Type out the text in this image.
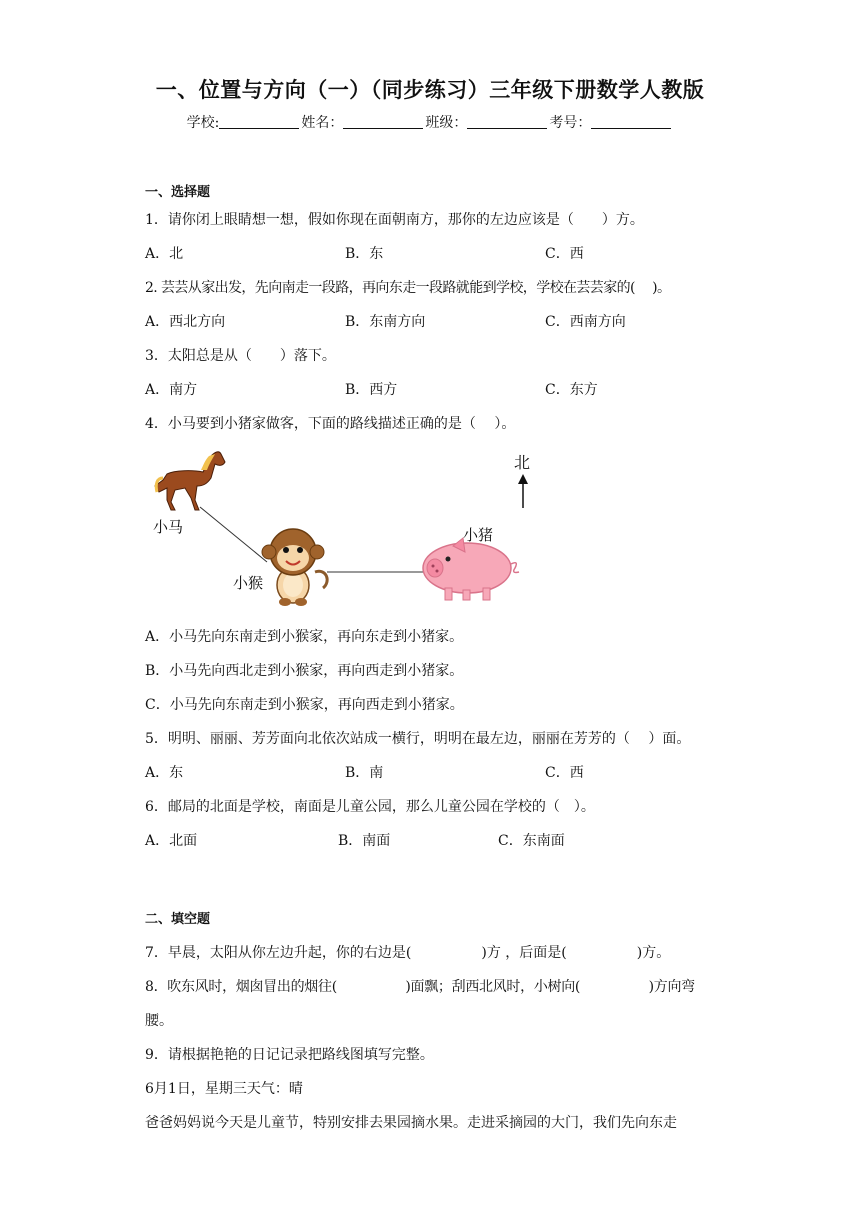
一、位置与方向（一）（同步练习）三年级下册数学人教版
学校:	姓名：	班级：	考号：
一、选择题
1．请你闭上眼睛想一想，假如你现在面朝南方，那你的左边应该是（　　）方。
A．北	B．东	C．西
2. 芸芸从家出发，先向南走一段路，再向东走一段路就能到学校，学校在芸芸家的(　 )。
A．西北方向	B．东南方向	C．西南方向
3．太阳总是从（　　）落下。
A．南方	B．西方	C．东方
4．小马要到小猪家做客，下面的路线描述正确的是（　 ）。
北
小马
小猴
小猪
A．小马先向东南走到小猴家，再向东走到小猪家。
B．小马先向西北走到小猴家，再向西走到小猪家。
C．小马先向东南走到小猴家，再向西走到小猪家。
5．明明、丽丽、芳芳面向北依次站成一横行，明明在最左边，丽丽在芳芳的（　 ）面。
A．东	B．南	C．西
6．邮局的北面是学校，南面是儿童公园，那么儿童公园在学校的（　）。
A．北面	B．南面	C．东南面
二、填空题
7．早晨，太阳从你左边升起，你的右边是(　　　　　)方 ，后面是(　　　　　)方。
8．吹东风时，烟囱冒出的烟往(　　　　　)面飘；刮西北风时，小树向(　　　　　)方向弯
腰。
9．请根据艳艳的日记记录把路线图填写完整。
6月1日，星期三天气：晴
爸爸妈妈说今天是儿童节，特别安排去果园摘水果。走进采摘园的大门，我们先向东走
